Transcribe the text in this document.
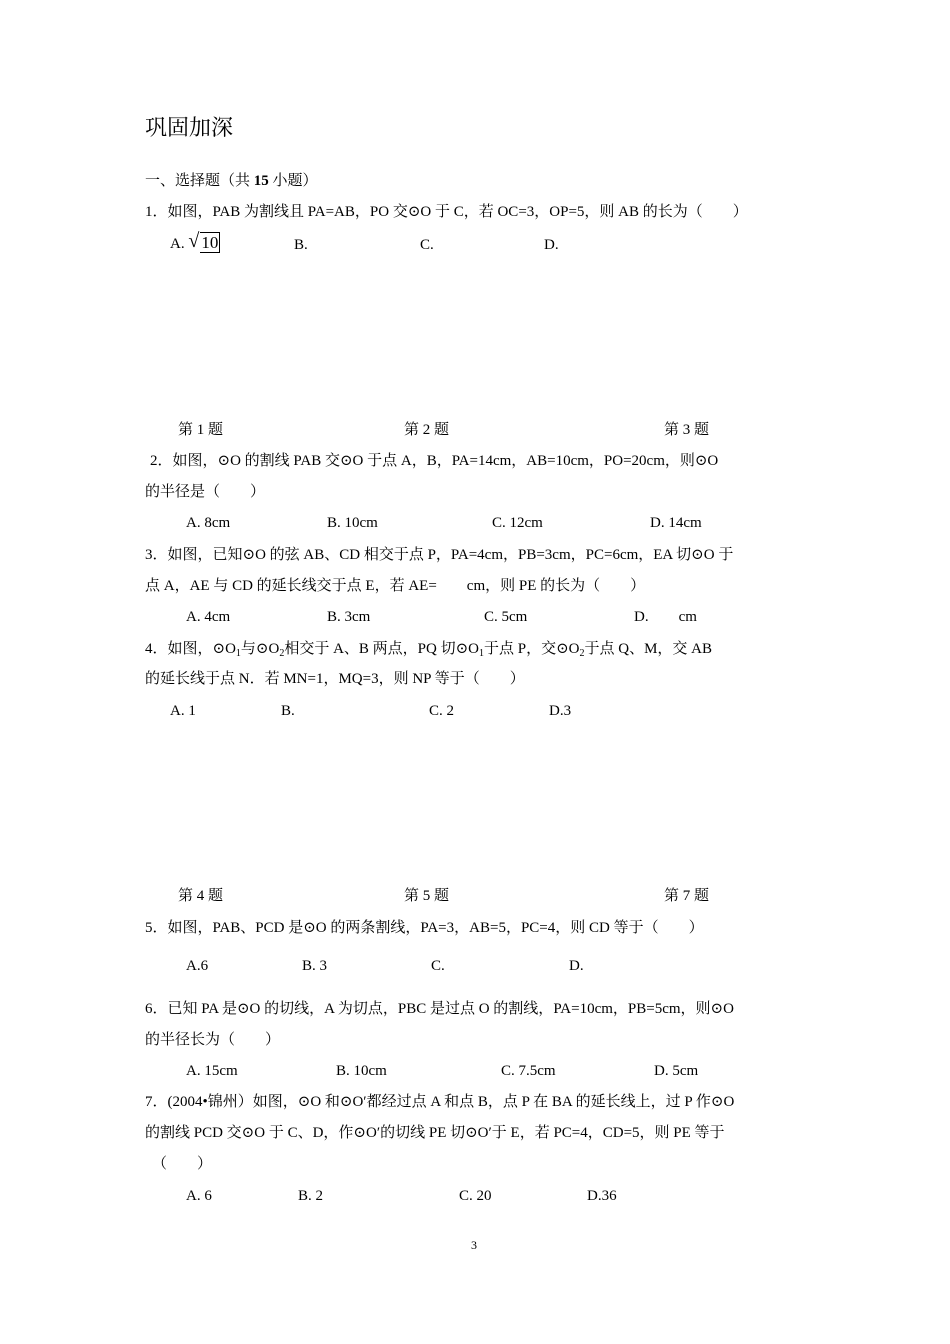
巩固加深
一、选择题（共 15 小题）
1．如图，PAB 为割线且 PA=AB，PO 交⊙O 于 C，若 OC=3，OP=5，则 AB 的长为（　　）
A. √ 10	B.	C.	D.
第 1 题	第 2 题	第 3 题
2．如图，⊙O 的割线 PAB 交⊙O 于点 A，B，PA=14cm，AB=10cm，PO=20cm，则⊙O
的半径是（　　）
A. 8cm	B. 10cm	C. 12cm	D. 14cm
3．如图，已知⊙O 的弦 AB、CD 相交于点 P，PA=4cm，PB=3cm，PC=6cm，EA 切⊙O 于
点 A，AE 与 CD 的延长线交于点 E，若 AE=　　cm，则 PE 的长为（　　）
A. 4cm	B. 3cm	C. 5cm	D.　　cm
4．如图，$⊙O_1$与$⊙O_2$相交于 A、B 两点，PQ 切$⊙O_1$于点 P，交$⊙O_2$于点 Q、M，交 AB
的延长线于点 N．若 MN=1，MQ=3，则 NP 等于（　　）
A. 1	B.	C. 2	D.3
第 4 题	第 5 题	第 7 题
5．如图，PAB、PCD 是⊙O 的两条割线，PA=3，AB=5，PC=4，则 CD 等于（　　）
A.6	B. 3	C.	D.
6．已知 PA 是⊙O 的切线，A 为切点，PBC 是过点 O 的割线，PA=10cm，PB=5cm，则⊙O
的半径长为（　　）
A. 15cm	B. 10cm	C. 7.5cm	D. 5cm
7．(2004•锦州）如图，⊙O 和⊙O′都经过点 A 和点 B，点 P 在 BA 的延长线上，过 P 作⊙O
的割线 PCD 交⊙O 于 C、D，作⊙O′的切线 PE 切⊙O′于 E，若 PC=4，CD=5，则 PE 等于
（　　）
A. 6	B. 2	C. 20	D.36
3
